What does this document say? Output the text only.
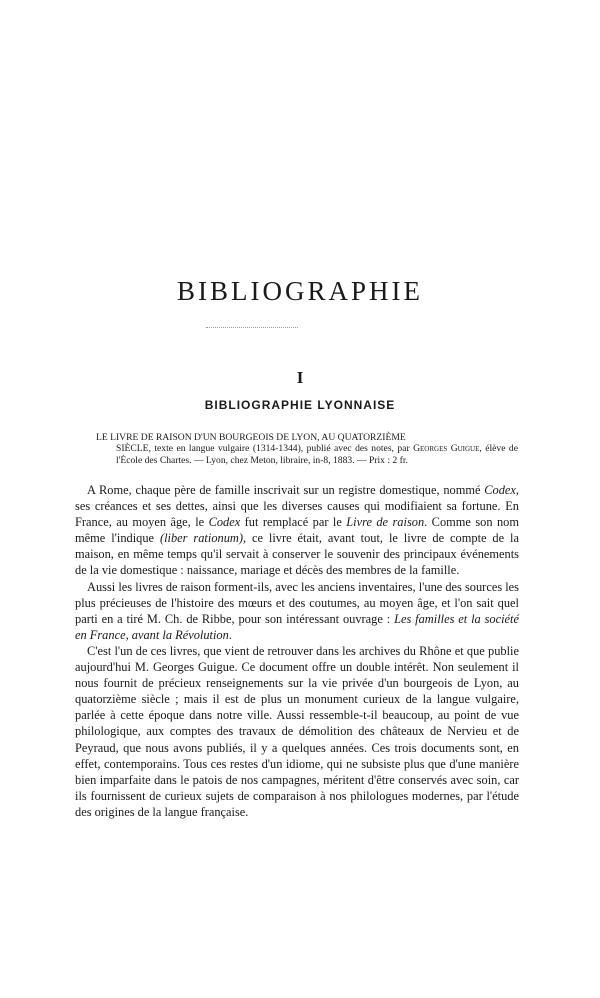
BIBLIOGRAPHIE
I
BIBLIOGRAPHIE LYONNAISE

LE LIVRE DE RAISON D'UN BOURGEOIS DE LYON, AU QUATORZIÈME
SIÈCLE, texte en langue vulgaire (1314-1344), publié avec des notes, par Georges Guigue, élève de l'École des Chartes. — Lyon, chez Meton, libraire, in-8, 1883. — Prix : 2 fr.

A Rome, chaque père de famille inscrivait sur un registre domestique, nommé Codex, ses créances et ses dettes, ainsi que les diverses causes qui modifiaient sa fortune. En France, au moyen âge, le Codex fut remplacé par le Livre de raison. Comme son nom même l'indique (liber rationum), ce livre était, avant tout, le livre de compte de la maison, en même temps qu'il servait à conserver le souvenir des principaux événements de la vie domestique : naissance, mariage et décès des membres de la famille.

Aussi les livres de raison forment-ils, avec les anciens inventaires, l'une des sources les plus précieuses de l'histoire des mœurs et des coutumes, au moyen âge, et l'on sait quel parti en a tiré M. Ch. de Ribbe, pour son intéressant ouvrage : Les familles et la société en France, avant la Révolution.

C'est l'un de ces livres, que vient de retrouver dans les archives du Rhône et que publie aujourd'hui M. Georges Guigue. Ce document offre un double intérêt. Non seulement il nous fournit de précieux renseignements sur la vie privée d'un bourgeois de Lyon, au quatorzième siècle ; mais il est de plus un monument curieux de la langue vulgaire, parlée à cette époque dans notre ville. Aussi ressemble-t-il beaucoup, au point de vue philologique, aux comptes des travaux de démolition des châteaux de Nervieu et de Peyraud, que nous avons publiés, il y a quelques années. Ces trois documents sont, en effet, contemporains. Tous ces restes d'un idiome, qui ne subsiste plus que d'une manière bien imparfaite dans le patois de nos campagnes, méritent d'être conservés avec soin, car ils fournissent de curieux sujets de comparaison à nos philologues modernes, par l'étude des origines de la langue française.
